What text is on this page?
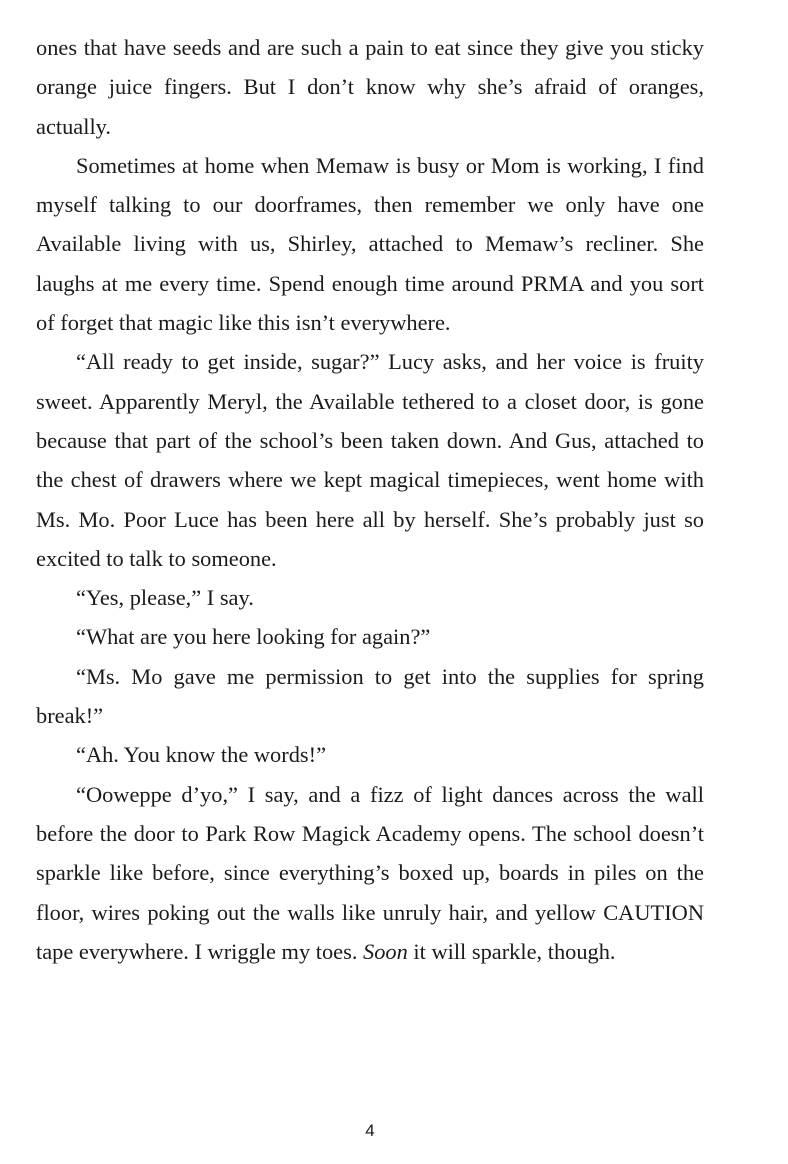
ones that have seeds and are such a pain to eat since they give you sticky orange juice fingers. But I don’t know why she’s afraid of oranges, actually.

Sometimes at home when Memaw is busy or Mom is working, I find myself talking to our doorframes, then remember we only have one Available living with us, Shirley, attached to Memaw’s recliner. She laughs at me every time. Spend enough time around PRMA and you sort of forget that magic like this isn’t everywhere.

“All ready to get inside, sugar?” Lucy asks, and her voice is fruity sweet. Apparently Meryl, the Available tethered to a closet door, is gone because that part of the school’s been taken down. And Gus, attached to the chest of drawers where we kept magical timepieces, went home with Ms. Mo. Poor Luce has been here all by herself. She’s probably just so excited to talk to someone.

“Yes, please,” I say.

“What are you here looking for again?”

“Ms. Mo gave me permission to get into the supplies for spring break!”

“Ah. You know the words!”

“Ooweppe d’yo,” I say, and a fizz of light dances across the wall before the door to Park Row Magick Academy opens. The school doesn’t sparkle like before, since everything’s boxed up, boards in piles on the floor, wires poking out the walls like unruly hair, and yellow CAUTION tape everywhere. I wriggle my toes. Soon it will sparkle, though.

4
